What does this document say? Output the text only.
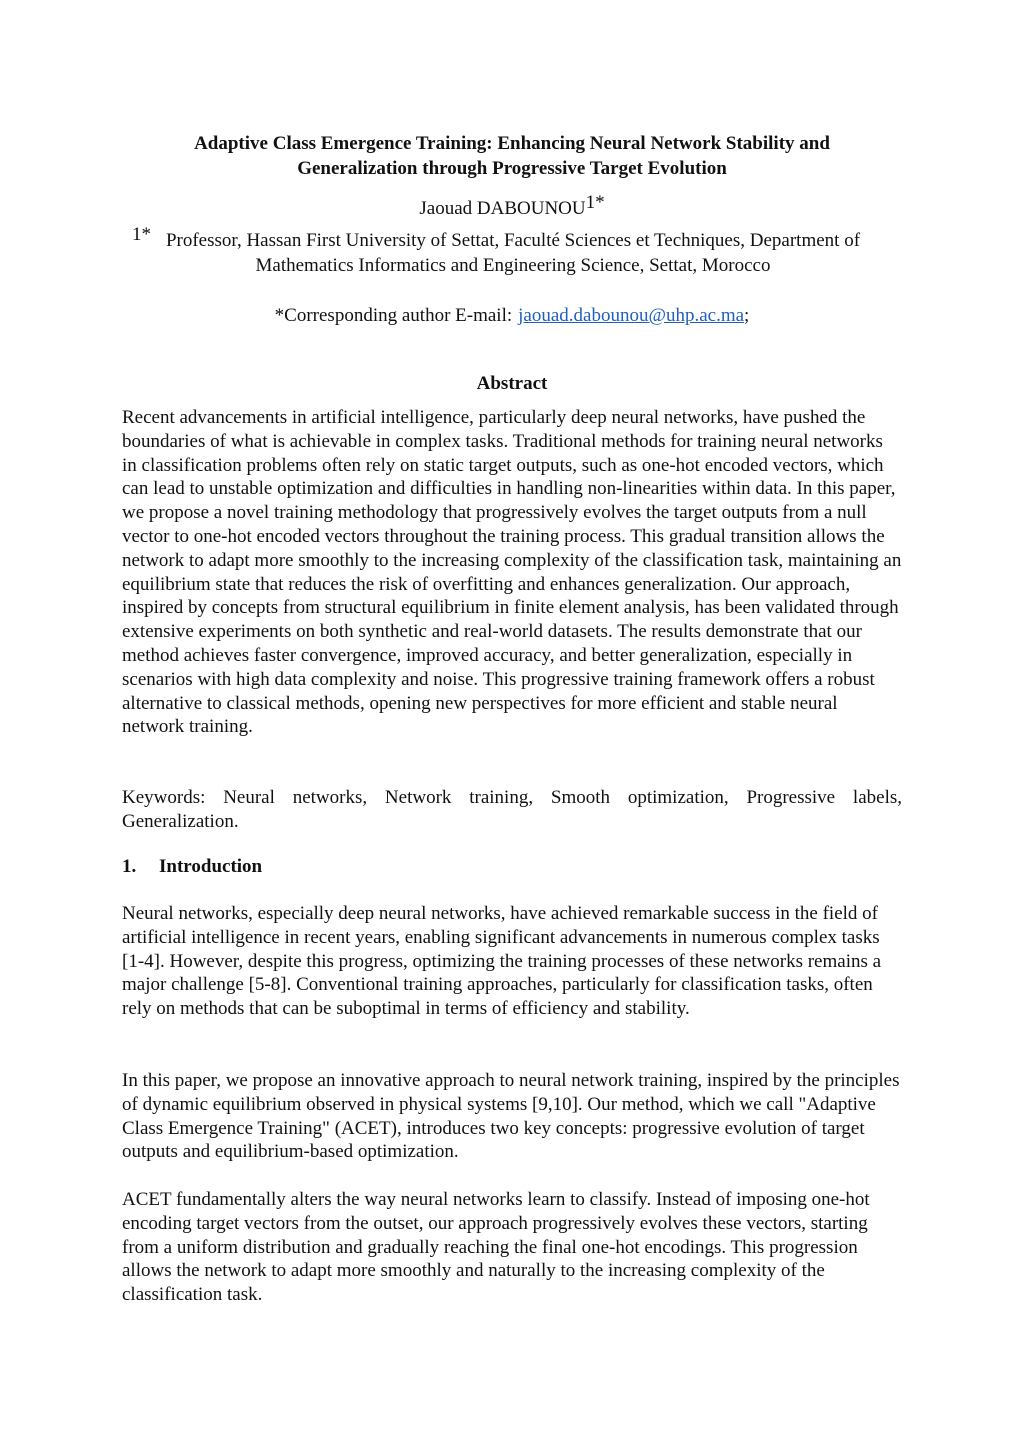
Adaptive Class Emergence Training: Enhancing Neural Network Stability and Generalization through Progressive Target Evolution
Jaouad $DABOUNOU^{1*}$
1* Professor, Hassan First University of Settat, Faculté Sciences et Techniques, Department of Mathematics Informatics and Engineering Science, Settat, Morocco
*Corresponding author E-mail: jaouad.dabounou@uhp.ac.ma;
Abstract

Recent advancements in artificial intelligence, particularly deep neural networks, have pushed the boundaries of what is achievable in complex tasks. Traditional methods for training neural networks in classification problems often rely on static target outputs, such as one-hot encoded vectors, which can lead to unstable optimization and difficulties in handling non-linearities within data. In this paper, we propose a novel training methodology that progressively evolves the target outputs from a null vector to one-hot encoded vectors throughout the training process. This gradual transition allows the network to adapt more smoothly to the increasing complexity of the classification task, maintaining an equilibrium state that reduces the risk of overfitting and enhances generalization. Our approach, inspired by concepts from structural equilibrium in finite element analysis, has been validated through extensive experiments on both synthetic and real-world datasets. The results demonstrate that our method achieves faster convergence, improved accuracy, and better generalization, especially in scenarios with high data complexity and noise. This progressive training framework offers a robust alternative to classical methods, opening new perspectives for more efficient and stable neural network training.

Keywords: Neural networks, Network training, Smooth optimization, Progressive labels, Generalization.

1. Introduction

Neural networks, especially deep neural networks, have achieved remarkable success in the field of artificial intelligence in recent years, enabling significant advancements in numerous complex tasks [1-4]. However, despite this progress, optimizing the training processes of these networks remains a major challenge [5-8]. Conventional training approaches, particularly for classification tasks, often rely on methods that can be suboptimal in terms of efficiency and stability.

In this paper, we propose an innovative approach to neural network training, inspired by the principles of dynamic equilibrium observed in physical systems [9,10]. Our method, which we call "Adaptive Class Emergence Training" (ACET), introduces two key concepts: progressive evolution of target outputs and equilibrium-based optimization.

ACET fundamentally alters the way neural networks learn to classify. Instead of imposing one-hot encoding target vectors from the outset, our approach progressively evolves these vectors, starting from a uniform distribution and gradually reaching the final one-hot encodings. This progression allows the network to adapt more smoothly and naturally to the increasing complexity of the classification task.
